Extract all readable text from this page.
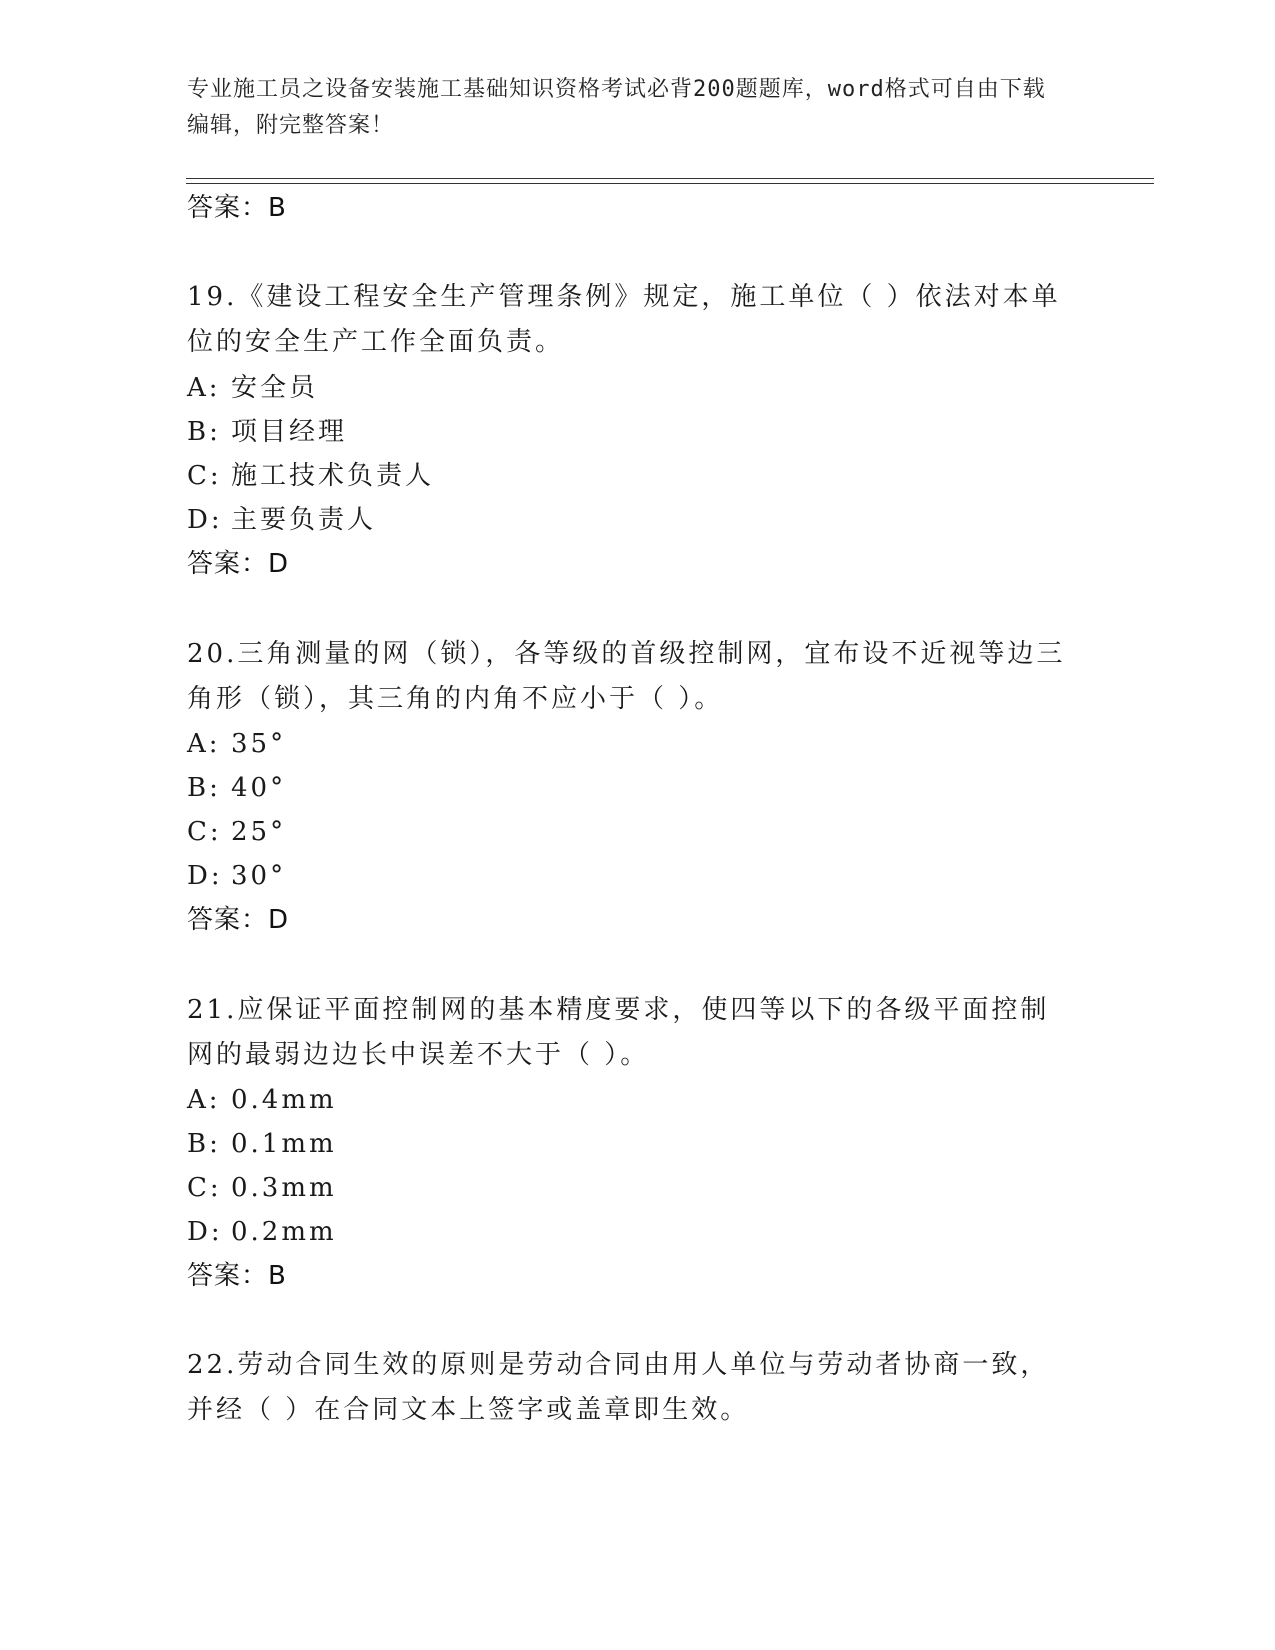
专业施工员之设备安装施工基础知识资格考试必背200题题库，word格式可自由下载编辑，附完整答案！
答案：B
19.《建设工程安全生产管理条例》规定，施工单位（ ）依法对本单位的安全生产工作全面负责。
A: 安全员
B: 项目经理
C: 施工技术负责人
D: 主要负责人
答案：D
20.三角测量的网（锁），各等级的首级控制网，宜布设不近视等边三角形（锁），其三角的内角不应小于（ ）。
A: 35°
B: 40°
C: 25°
D: 30°
答案：D
21.应保证平面控制网的基本精度要求，使四等以下的各级平面控制网的最弱边边长中误差不大于（ ）。
A: 0.4mm
B: 0.1mm
C: 0.3mm
D: 0.2mm
答案：B
22.劳动合同生效的原则是劳动合同由用人单位与劳动者协商一致，并经（ ）在合同文本上签字或盖章即生效。
